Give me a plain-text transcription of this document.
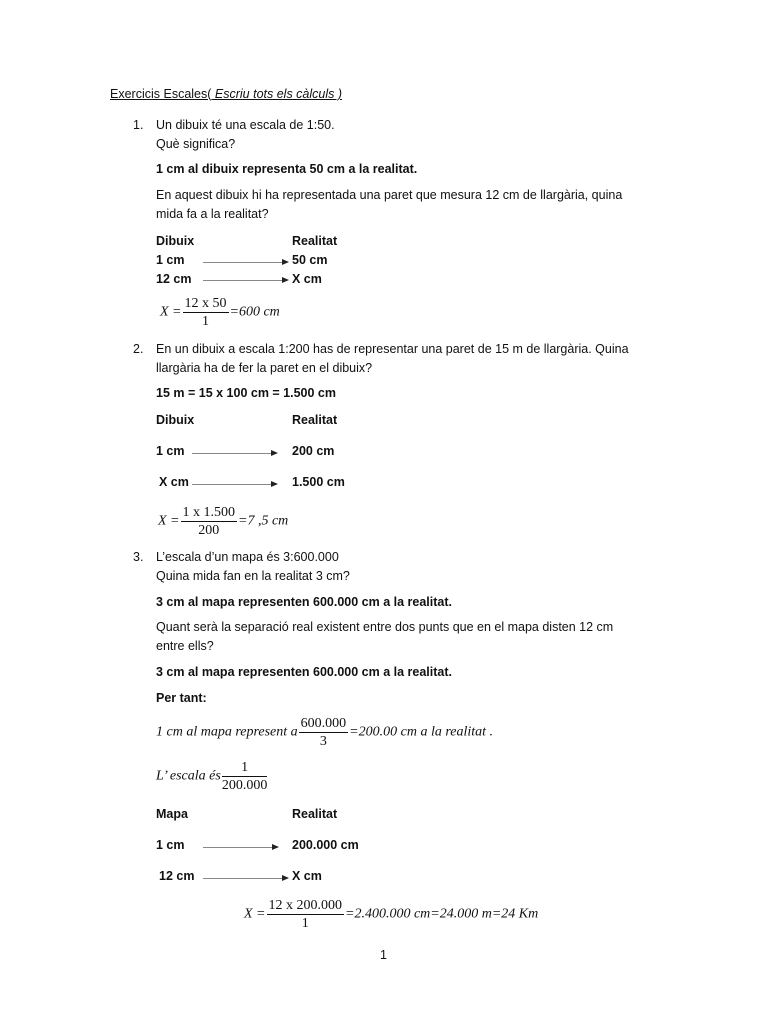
Exercicis Escales( Escriu tots els càlculs )
1. Un dibuix té una escala de 1:50.
Què significa?
1 cm al dibuix representa 50 cm a la realitat.
En aquest dibuix hi ha representada una paret que mesura 12 cm de llargària, quina
mida fa a la realitat?
Dibuix	Realitat
1 cm	50 cm
12 cm	X cm
$X = \frac{12 x 50}{1} =600$ cm
2. En un dibuix a escala 1:200 has de representar una paret de 15 m de llargària. Quina
llargària ha de fer la paret en el dibuix?
15 m = 15 x 100 cm = 1.500 cm
Dibuix	Realitat
1 cm	200 cm
X cm	1.500 cm
$X = \frac{1 x 1.500}{200} =7$ ,5 cm
3. L’escala d’un mapa és 3:600.000
Quina mida fan en la realitat 3 cm?
3 cm al mapa representen 600.000 cm a la realitat.
Quant serà la separació real existent entre dos punts que en el mapa disten 12 cm
entre ells?
3 cm al mapa representen 600.000 cm a la realitat.
Per tant:
1 cm al mapa represent a $\frac{600.000}{3} =200.00$ cm a la realitat .
L’ escala és $\frac{1}{200.000}$
Mapa	Realitat
1 cm	200.000 cm
12 cm	X cm
$X = \frac{12 x 200.000}{1} =2.400.000$ cm=24.000 m=24 Km
1
